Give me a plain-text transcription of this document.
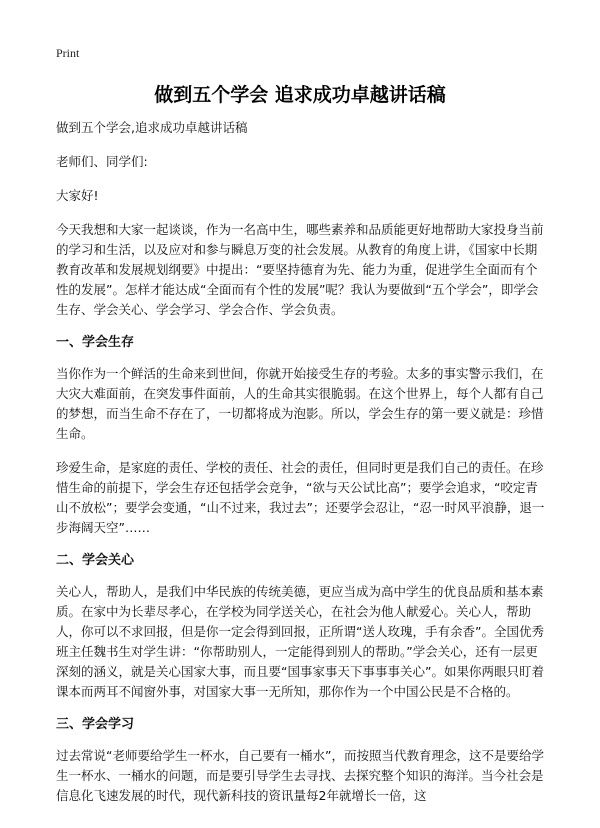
Print
做到五个学会 追求成功卓越讲话稿

做到五个学会,追求成功卓越讲话稿

老师们、同学们:

大家好!

今天我想和大家一起谈谈，作为一名高中生，哪些素养和品质能更好地帮助大家投身当前的学习和生活，以及应对和参与瞬息万变的社会发展。从教育的角度上讲，《国家中长期教育改革和发展规划纲要》中提出：“要坚持德育为先、能力为重，促进学生全面而有个性的发展”。怎样才能达成“全面而有个性的发展”呢？我认为要做到“五个学会”，即学会生存、学会关心、学会学习、学会合作、学会负责。

一、学会生存

当你作为一个鲜活的生命来到世间，你就开始接受生存的考验。太多的事实警示我们，在大灾大难面前，在突发事件面前，人的生命其实很脆弱。在这个世界上，每个人都有自己的梦想，而当生命不存在了，一切都将成为泡影。所以，学会生存的第一要义就是：珍惜生命。

珍爱生命，是家庭的责任、学校的责任、社会的责任，但同时更是我们自己的责任。在珍惜生命的前提下，学会生存还包括学会竞争，“欲与天公试比高”；要学会追求，“咬定青山不放松”；要学会变通，“山不过来，我过去”；还要学会忍让，“忍一时风平浪静，退一步海阔天空”……

二、学会关心

关心人，帮助人，是我们中华民族的传统美德，更应当成为高中学生的优良品质和基本素质。在家中为长辈尽孝心，在学校为同学送关心，在社会为他人献爱心。关心人，帮助人，你可以不求回报，但是你一定会得到回报，正所谓“送人玫瑰，手有余香”。全国优秀班主任魏书生对学生讲：“你帮助别人，一定能得到别人的帮助。”学会关心，还有一层更深刻的涵义，就是关心国家大事，而且要“国事家事天下事事事关心”。如果你两眼只盯着课本而两耳不闻窗外事，对国家大事一无所知，那你作为一个中国公民是不合格的。

三、学会学习

过去常说“老师要给学生一杯水，自己要有一桶水”，而按照当代教育理念，这不是要给学生一杯水、一桶水的问题，而是要引导学生去寻找、去探究整个知识的海洋。当今社会是信息化飞速发展的时代，现代新科技的资讯量每2年就增长一倍，这
